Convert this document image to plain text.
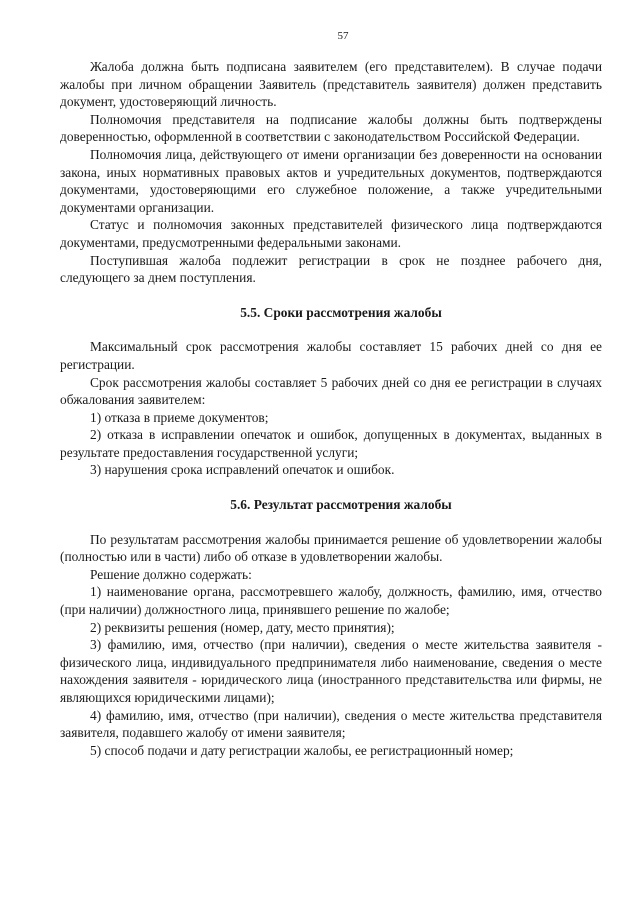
57

Жалоба должна быть подписана заявителем (его представителем). В случае подачи жалобы при личном обращении Заявитель (представитель заявителя) должен представить документ, удостоверяющий личность.

Полномочия представителя на подписание жалобы должны быть подтверждены доверенностью, оформленной в соответствии с законодательством Российской Федерации.

Полномочия лица, действующего от имени организации без доверенности на основании закона, иных нормативных правовых актов и учредительных документов, подтверждаются документами, удостоверяющими его служебное положение, а также учредительными документами организации.

Статус и полномочия законных представителей физического лица подтверждаются документами, предусмотренными федеральными законами.

Поступившая жалоба подлежит регистрации в срок не позднее рабочего дня, следующего за днем поступления.

5.5. Сроки рассмотрения жалобы

Максимальный срок рассмотрения жалобы составляет 15 рабочих дней со дня ее регистрации.

Срок рассмотрения жалобы составляет 5 рабочих дней со дня ее регистрации в случаях обжалования заявителем:

1) отказа в приеме документов;

2) отказа в исправлении опечаток и ошибок, допущенных в документах, выданных в результате предоставления государственной услуги;

3) нарушения срока исправлений опечаток и ошибок.

5.6. Результат рассмотрения жалобы

По результатам рассмотрения жалобы принимается решение об удовлетворении жалобы (полностью или в части) либо об отказе в удовлетворении жалобы.

Решение должно содержать:

1) наименование органа, рассмотревшего жалобу, должность, фамилию, имя, отчество (при наличии) должностного лица, принявшего решение по жалобе;

2) реквизиты решения (номер, дату, место принятия);

3) фамилию, имя, отчество (при наличии), сведения о месте жительства заявителя - физического лица, индивидуального предпринимателя либо наименование, сведения о месте нахождения заявителя - юридического лица (иностранного представительства или фирмы, не являющихся юридическими лицами);

4) фамилию, имя, отчество (при наличии), сведения о месте жительства представителя заявителя, подавшего жалобу от имени заявителя;

5) способ подачи и дату регистрации жалобы, ее регистрационный номер;
